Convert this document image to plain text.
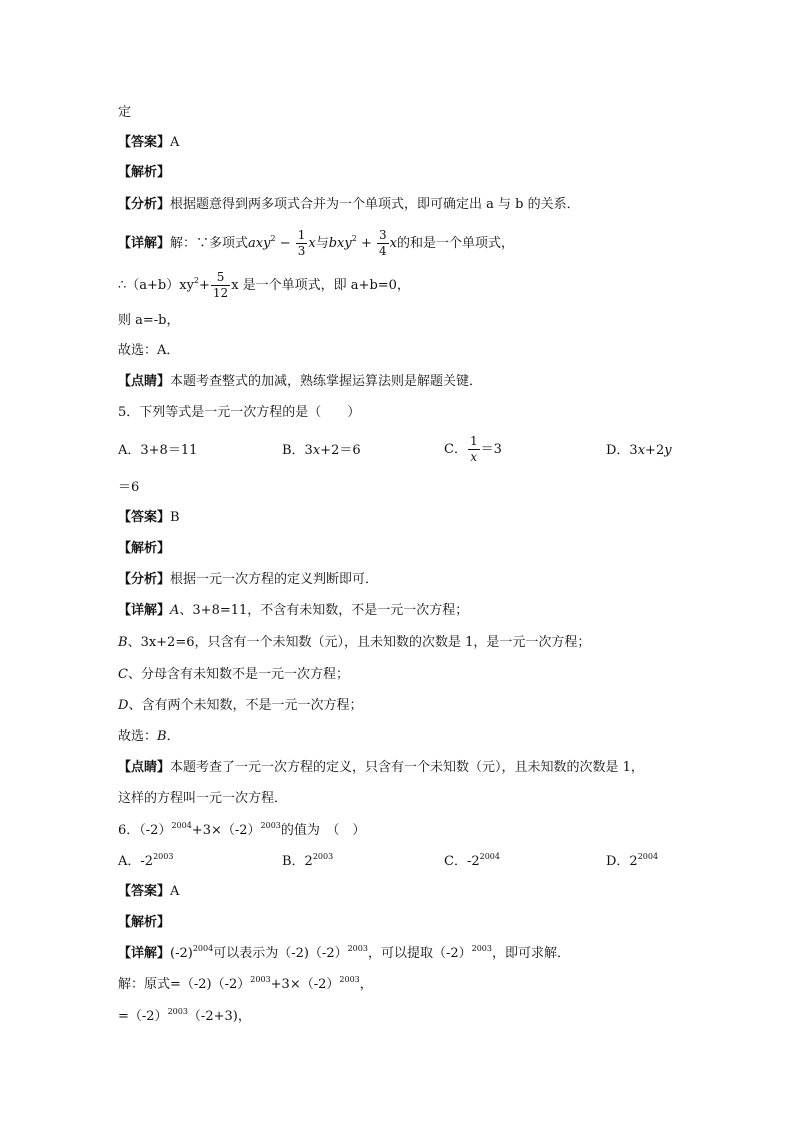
定
【答案】A
【解析】
【分析】根据题意得到两多项式合并为一个单项式，即可确定出 a 与 b 的关系．
【详解】解：∵多项式$axy^2 - \frac{1}{3}$ x与$bxy^2 + \frac{3}{4}$ x的和是一个单项式，
$\therefore(a+b)xy^2+ \frac{5}{12}$ x 是一个单项式，即 a+b=0，
则 a=-b，
故选：A．
【点睛】本题考查整式的加减，熟练掌握运算法则是解题关键．
5．下列等式是一元一次方程的是（　　）
A．3+8＝11	B．3x+2＝6	C． $\frac{1}{x} =3$	D．3x+2y
＝6
【答案】B
【解析】
【分析】根据一元一次方程的定义判断即可．
【详解】A、3+8=11，不含有未知数，不是一元一次方程；
B、3x+2=6，只含有一个未知数（元），且未知数的次数是 1，是一元一次方程；
C、分母含有未知数不是一元一次方程；
D、含有两个未知数，不是一元一次方程；
故选：B．
【点睛】本题考查了一元一次方程的定义，只含有一个未知数（元），且未知数的次数是 1，
这样的方程叫一元一次方程．
6．$(-2)^{2004}+3\times(-2)^{2003}$的值为　（　）
A．$-2^{2003}$	B．$2^{2003}$	C．$-2^{2004}$	D．$2^{2004}$
【答案】A
【解析】
【详解】$(-2)^{2004}$可以表示为$(-2)(-2)^{2003}$，可以提取$(-2)^{2003}$，即可求解．
解：原式$=(-2)(-2)^{2003}+3\times(-2)^{2003}$，
$=(-2)^{2003}(-2+3)$，
